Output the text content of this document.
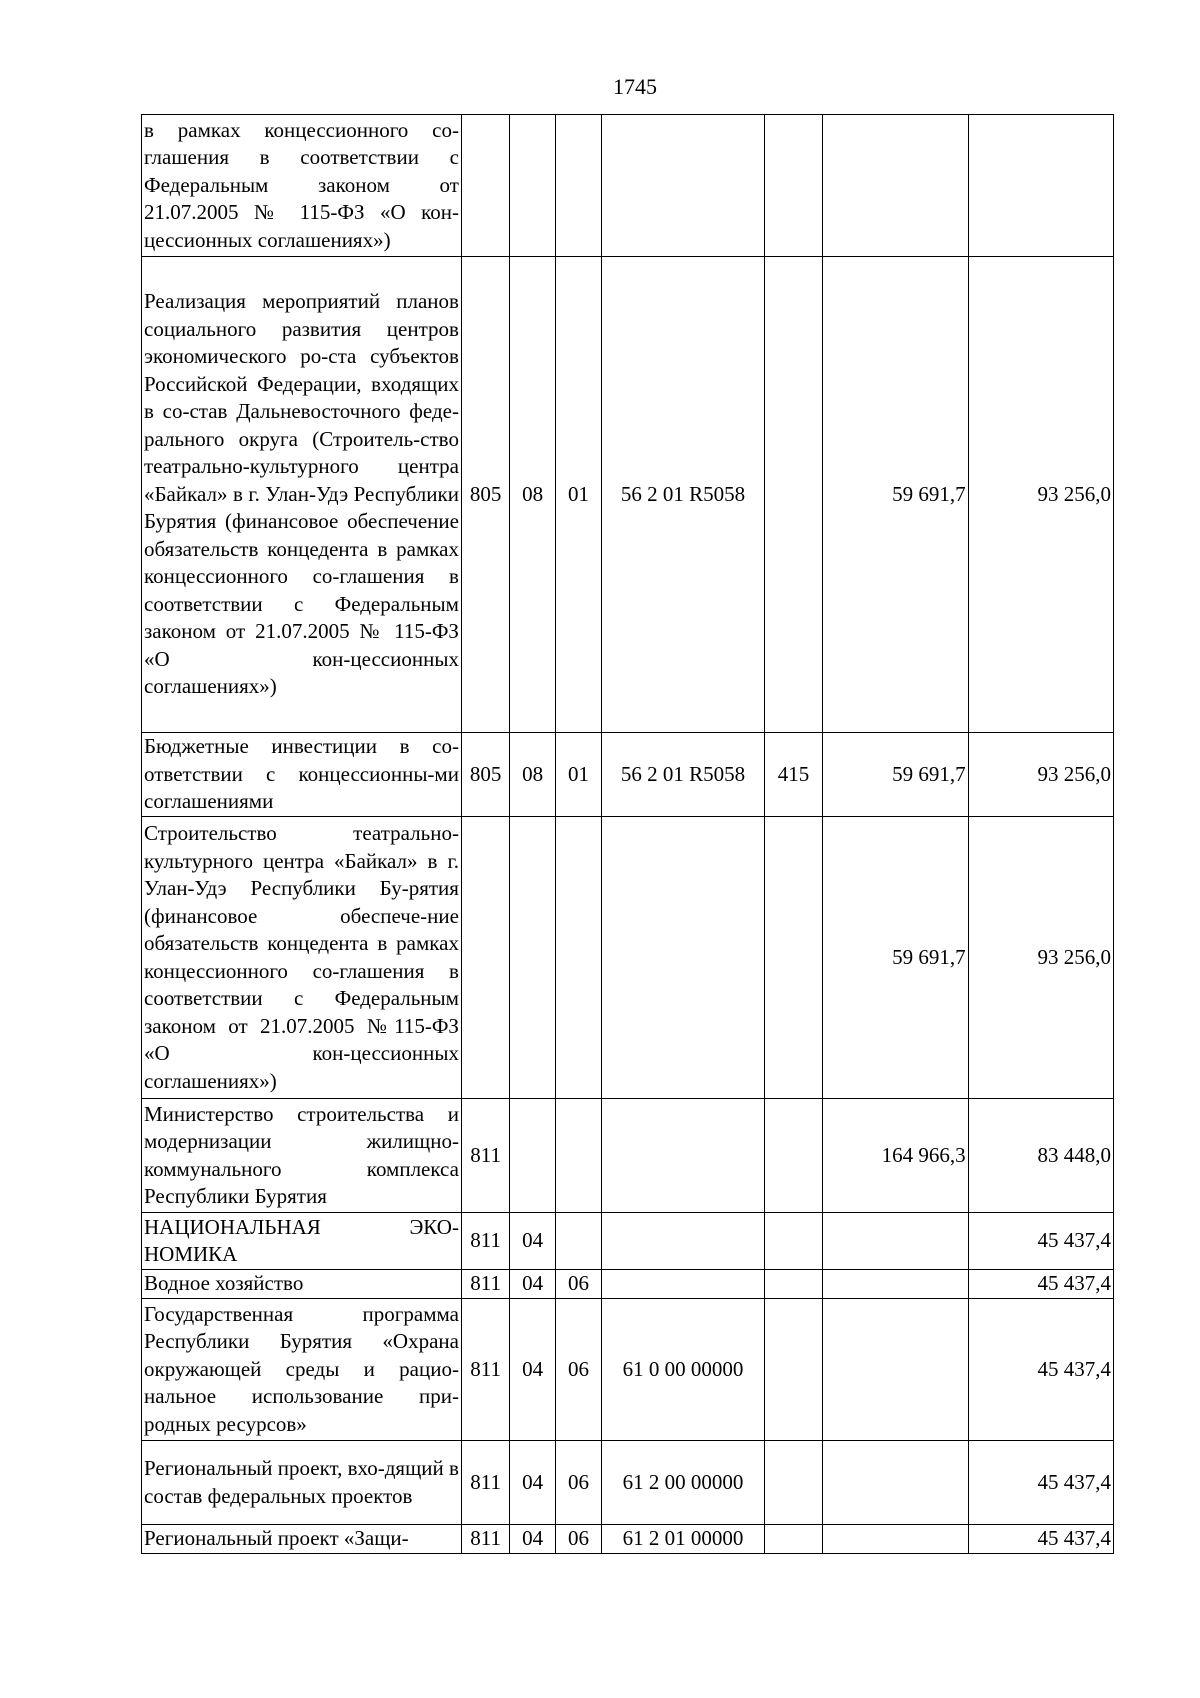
1745
в рамках концессионного со-глашения в соответствии с Федеральным законом от 21.07.2005 № 115-ФЗ «О кон-цессионных соглашениях»)							
Реализация мероприятий планов социального развития центров экономического ро-ста субъектов Российской Федерации, входящих в со-став Дальневосточного феде-рального округа (Строитель-ство театрально-культурного центра «Байкал» в г. Улан-Удэ Республики Бурятия (финансовое обеспечение обязательств концедента в рамках концессионного со-глашения в соответствии с Федеральным законом от 21.07.2005 № 115-ФЗ «О кон-цессионных соглашениях»)	805	08	01	56 2 01 R5058		59 691,7	93 256,0
Бюджетные инвестиции в со-ответствии с концессионны-ми соглашениями	805	08	01	56 2 01 R5058	415	59 691,7	93 256,0
Строительство театрально-культурного центра «Байкал» в г. Улан-Удэ Республики Бу-рятия (финансовое обеспече-ние обязательств концедента в рамках концессионного со-глашения в соответствии с Федеральным законом от 21.07.2005 №115-ФЗ «О кон-цессионных соглашениях»)						59 691,7	93 256,0
Министерство строительства и модернизации жилищно-коммунального комплекса Республики Бурятия	811					164 966,3	83 448,0
НАЦИОНАЛЬНАЯ ЭКО-НОМИКА	811	04					45 437,4
Водное хозяйство	811	04	06				45 437,4
Государственная программа Республики Бурятия «Охрана окружающей среды и рацио-нальное использование при-родных ресурсов»	811	04	06	61 0 00 00000			45 437,4
Региональный проект, вхо-дящий в состав федеральных проектов	811	04	06	61 2 00 00000			45 437,4
Региональный проект «Защи-	811	04	06	61 2 01 00000			45 437,4
